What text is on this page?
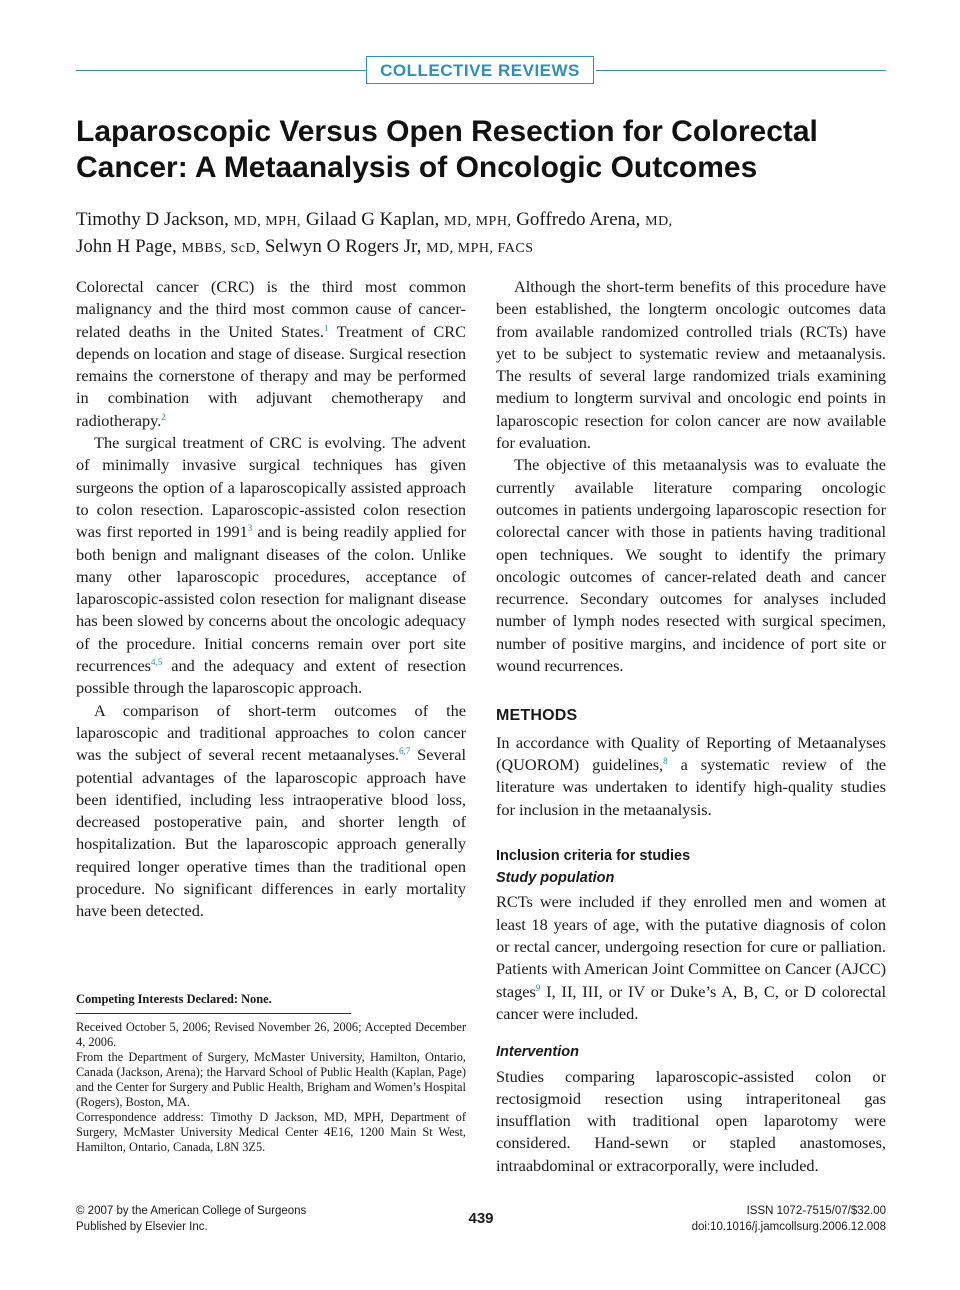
COLLECTIVE REVIEWS
Laparoscopic Versus Open Resection for Colorectal
Cancer: A Metaanalysis of Oncologic Outcomes
Timothy D Jackson, MD, MPH, Gilaad G Kaplan, MD, MPH, Goffredo Arena, MD,
John H Page, MBBS, ScD, Selwyn O Rogers Jr, MD, MPH, FACS

Colorectal cancer (CRC) is the third most common malignancy and the third most common cause of cancer-related deaths in the United States.$^1$ Treatment of CRC depends on location and stage of disease. Surgical resection remains the cornerstone of therapy and may be performed in combination with adjuvant chemotherapy and radiotherapy.$^2$

The surgical treatment of CRC is evolving. The advent of minimally invasive surgical techniques has given surgeons the option of a laparoscopically assisted approach to colon resection. Laparoscopic-assisted colon resection was first reported in 1991$^3$ and is being readily applied for both benign and malignant diseases of the colon. Unlike many other laparoscopic procedures, acceptance of laparoscopic-assisted colon resection for malignant disease has been slowed by concerns about the oncologic adequacy of the procedure. Initial concerns remain over port site recurrences$^{4,5}$ and the adequacy and extent of resection possible through the laparoscopic approach.

A comparison of short-term outcomes of the laparoscopic and traditional approaches to colon cancer was the subject of several recent metaanalyses.$^{6,7}$ Several potential advantages of the laparoscopic approach have been identified, including less intraoperative blood loss, decreased postoperative pain, and shorter length of hospitalization. But the laparoscopic approach generally required longer operative times than the traditional open procedure. No significant differences in early mortality have been detected.

Competing Interests Declared: None.

Received October 5, 2006; Revised November 26, 2006; Accepted December 4, 2006.

From the Department of Surgery, McMaster University, Hamilton, Ontario, Canada (Jackson, Arena); the Harvard School of Public Health (Kaplan, Page) and the Center for Surgery and Public Health, Brigham and Women’s Hospital (Rogers), Boston, MA.

Correspondence address: Timothy D Jackson, MD, MPH, Department of Surgery, McMaster University Medical Center 4E16, 1200 Main St West, Hamilton, Ontario, Canada, L8N 3Z5.

Although the short-term benefits of this procedure have been established, the longterm oncologic outcomes data from available randomized controlled trials (RCTs) have yet to be subject to systematic review and metaanalysis. The results of several large randomized trials examining medium to longterm survival and oncologic end points in laparoscopic resection for colon cancer are now available for evaluation.

The objective of this metaanalysis was to evaluate the currently available literature comparing oncologic outcomes in patients undergoing laparoscopic resection for colorectal cancer with those in patients having traditional open techniques. We sought to identify the primary oncologic outcomes of cancer-related death and cancer recurrence. Secondary outcomes for analyses included number of lymph nodes resected with surgical specimen, number of positive margins, and incidence of port site or wound recurrences.

METHODS

In accordance with Quality of Reporting of Metaanalyses (QUOROM) guidelines,$^8$ a systematic review of the literature was undertaken to identify high-quality studies for inclusion in the metaanalysis.

Inclusion criteria for studies
Study population

RCTs were included if they enrolled men and women at least 18 years of age, with the putative diagnosis of colon or rectal cancer, undergoing resection for cure or palliation. Patients with American Joint Committee on Cancer (AJCC) stages$^9$ I, II, III, or IV or Duke’s A, B, C, or D colorectal cancer were included.

Intervention

Studies comparing laparoscopic-assisted colon or rectosigmoid resection using intraperitoneal gas insufflation with traditional open laparotomy were considered. Hand-sewn or stapled anastomoses, intraabdominal or extracorporally, were included.

© 2007 by the American College of Surgeons
Published by Elsevier Inc.	439	ISSN 1072-7515/07/$32.00
doi:10.1016/j.jamcollsurg.2006.12.008
